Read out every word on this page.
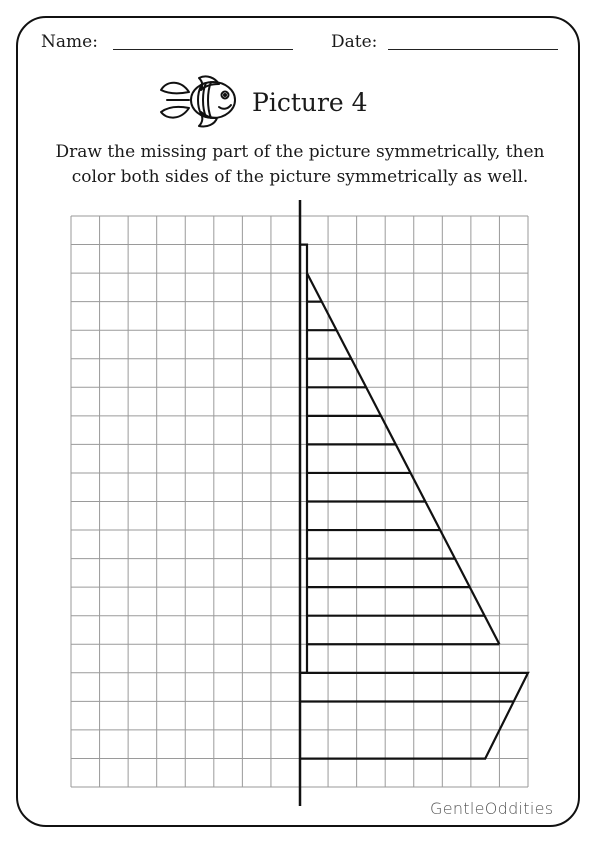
Name:	Date:
Picture 4
Draw the missing part of the picture symmetrically, then
color both sides of the picture symmetrically as well.
GentleOddities
